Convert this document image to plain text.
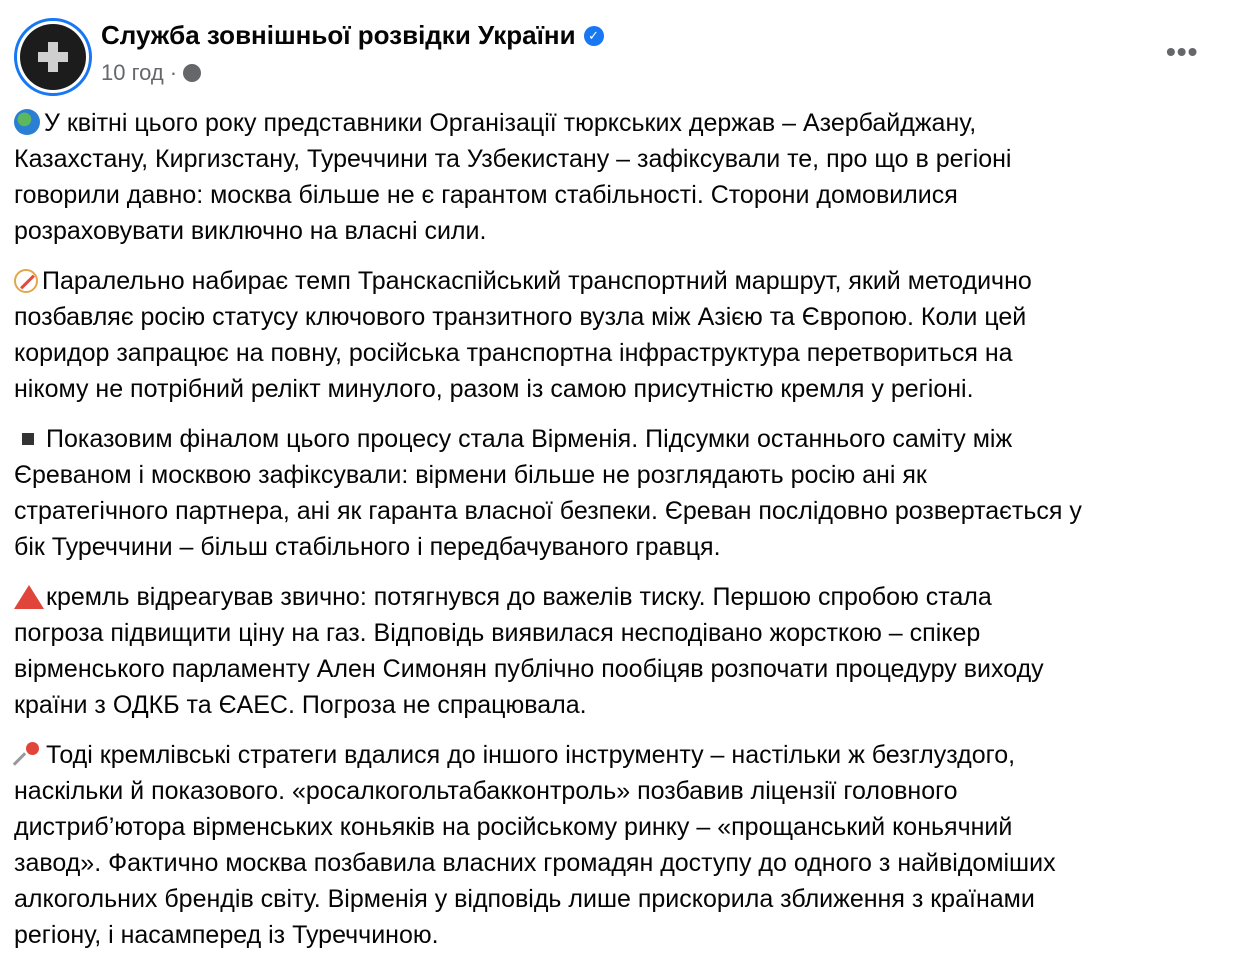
Служба зовнішньої розвідки України ✓
10 год ·
•••
У квітні цього року представники Організації тюркських держав – Азербайджану,
Казахстану, Киргизстану, Туреччини та Узбекистану – зафіксували те, про що в регіоні
говорили давно: москва більше не є гарантом стабільності. Сторони домовилися
розраховувати виключно на власні сили.
Паралельно набирає темп Транскаспійський транспортний маршрут, який методично
позбавляє росію статусу ключового транзитного вузла між Азією та Європою. Коли цей
коридор запрацює на повну, російська транспортна інфраструктура перетвориться на
нікому не потрібний релікт минулого, разом із самою присутністю кремля у регіоні.
Показовим фіналом цього процесу стала Вірменія. Підсумки останнього саміту між
Єреваном і москвою зафіксували: вірмени більше не розглядають росію ані як
стратегічного партнера, ані як гаранта власної безпеки. Єреван послідовно розвертається у
бік Туреччини – більш стабільного і передбачуваного гравця.
кремль відреагував звично: потягнувся до важелів тиску. Першою спробою стала
погроза підвищити ціну на газ. Відповідь виявилася несподівано жорсткою – спікер
вірменського парламенту Ален Симонян публічно пообіцяв розпочати процедуру виходу
країни з ОДКБ та ЄАЕС. Погроза не спрацювала.
Тоді кремлівські стратеги вдалися до іншого інструменту – настільки ж безглуздого,
наскільки й показового. «росалкогольтабакконтроль» позбавив ліцензії головного
дистриб’ютора вірменських коньяків на російському ринку – «прощанський коньячний
завод». Фактично москва позбавила власних громадян доступу до одного з найвідоміших
алкогольних брендів світу. Вірменія у відповідь лише прискорила зближення з країнами
регіону, і насамперед із Туреччиною.
